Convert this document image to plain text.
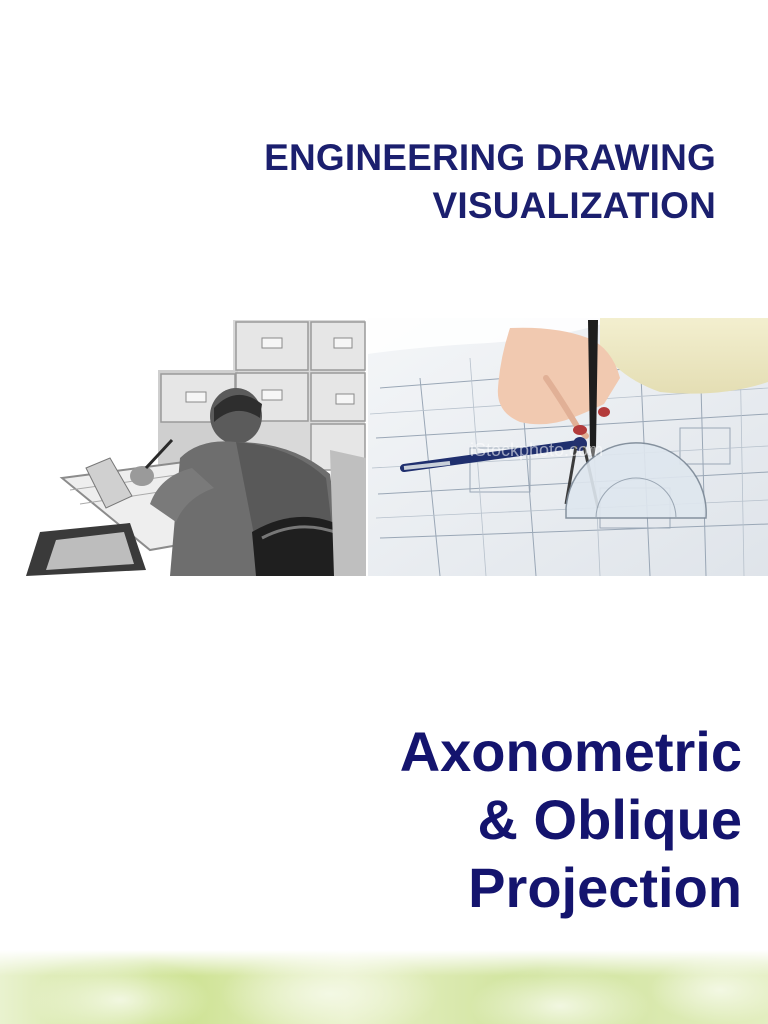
ENGINEERING DRAWING
VISUALIZATION
iStockphoto.com
Axonometric
& Oblique
Projection
